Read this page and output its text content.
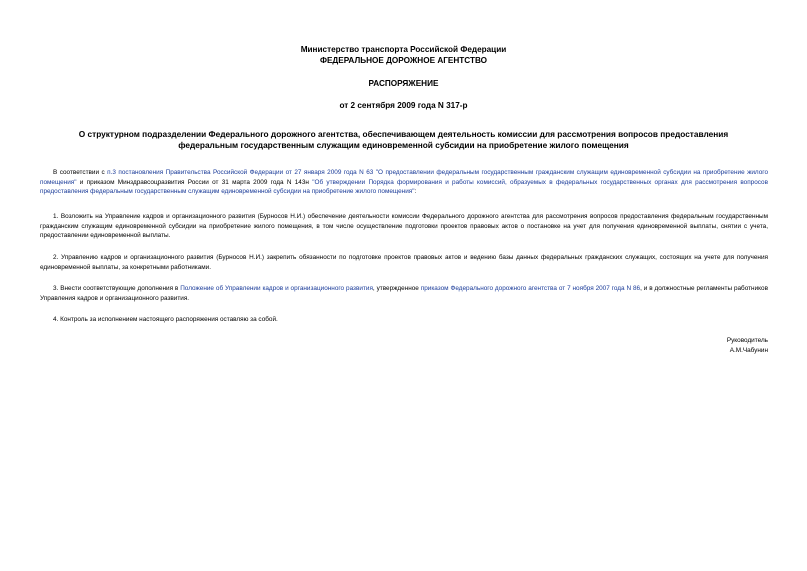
Министерство транспорта Российской Федерации
ФЕДЕРАЛЬНОЕ ДОРОЖНОЕ АГЕНТСТВО
РАСПОРЯЖЕНИЕ
от 2 сентября 2009 года N 317-р
О структурном подразделении Федерального дорожного агентства, обеспечивающем деятельность комиссии для рассмотрения вопросов предоставления
федеральным государственным служащим единовременной субсидии на приобретение жилого помещения
В соответствии с п.3 постановления Правительства Российской Федерации от 27 января 2009 года N 63 "О предоставлении федеральным государственным гражданским служащим единовременной субсидии на приобретение жилого помещения" и приказом Минздравсоцразвития России от 31 марта 2009 года N 143н "Об утверждении Порядка формирования и работы комиссий, образуемых в федеральных государственных органах для рассмотрения вопросов предоставления федеральным государственным служащим единовременной субсидии на приобретение жилого помещения":
1. Возложить на Управление кадров и организационного развития (Бурносов Н.И.) обеспечение деятельности комиссии Федерального дорожного агентства для рассмотрения вопросов предоставления федеральным государственным гражданским служащим единовременной субсидии на приобретение жилого помещения, в том числе осуществление подготовки проектов правовых актов о постановке на учет для получения единовременной выплаты, снятии с учета, предоставлении единовременной выплаты.
2. Управлению кадров и организационного развития (Бурносов Н.И.) закрепить обязанности по подготовке проектов правовых актов и ведению базы данных федеральных гражданских служащих, состоящих на учете для получения единовременной выплаты, за конкретными работниками.
3. Внести соответствующие дополнения в Положение об Управлении кадров и организационного развития, утвержденное приказом Федерального дорожного агентства от 7 ноября 2007 года N 86, и в должностные регламенты работников Управления кадров и организационного развития.
4. Контроль за исполнением настоящего распоряжения оставляю за собой.
Руководитель
А.М.Чабунин
